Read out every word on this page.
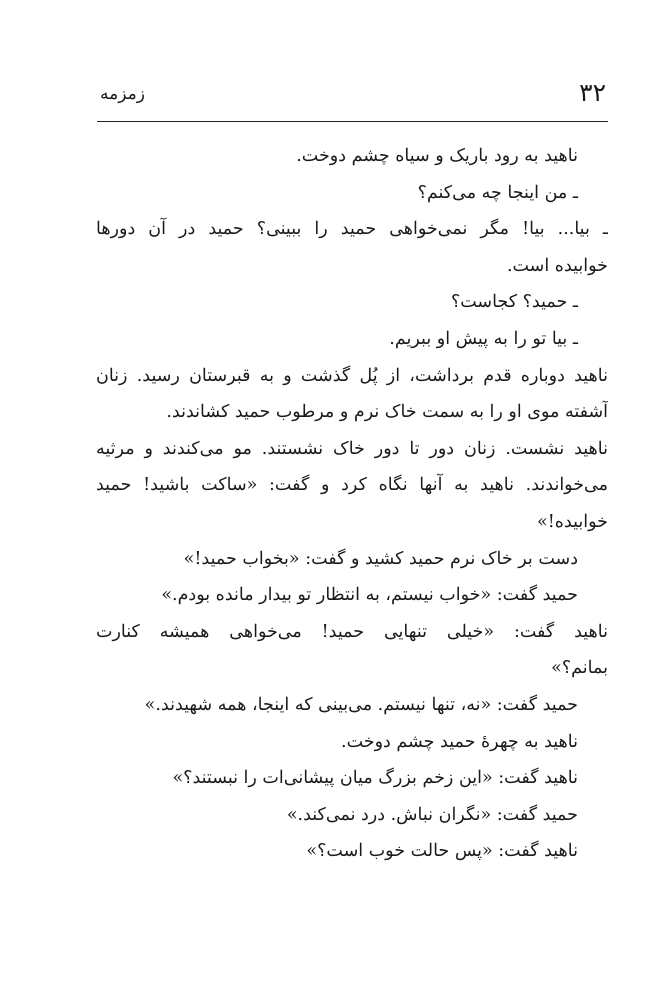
۳۲
زمزمه
ناهید به رود باریک و سیاه چشم دوخت.
ـ من اینجا چه می‌کنم؟
ـ بیا... بیا! مگر نمی‌خواهی حمید را ببینی؟ حمید در آن دورها
خوابیده است.
ـ حمید؟ کجاست؟
ـ بیا تو را به پیش او ببریم.
ناهید دوباره قدم برداشت، از پُل گذشت و به قبرستان رسید. زنان
آشفته موی او را به سمت خاک نرم و مرطوب حمید کشاندند.
ناهید نشست. زنان دور تا دور خاک نشستند. مو می‌کندند و مرثیه
می‌خواندند. ناهید به آنها نگاه کرد و گفت: «ساکت باشید! حمید
خوابیده!»
دست بر خاک نرم حمید کشید و گفت: «بخواب حمید!»
حمید گفت: «خواب نیستم، به انتظار تو بیدار مانده بودم.»
ناهید گفت: «خیلی تنهایی حمید! می‌خواهی همیشه کنارت
بمانم؟»
حمید گفت: «نه، تنها نیستم. می‌بینی که اینجا، همه شهیدند.»
ناهید به چهرهٔ حمید چشم دوخت.
ناهید گفت: «این زخم بزرگ میان پیشانی‌ات را نبستند؟»
حمید گفت: «نگران نباش. درد نمی‌کند.»
ناهید گفت: «پس حالت خوب است؟»
